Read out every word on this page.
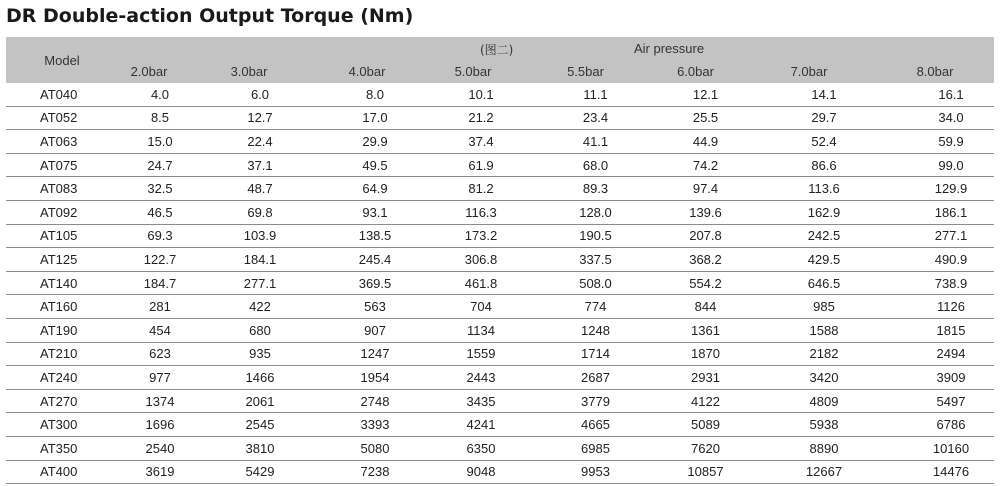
DR Double-action Output Torque (Nm)
Model	(图二) Air pressure							

	2.0bar	3.0bar	4.0bar	5.0bar	5.5bar	6.0bar	7.0bar	8.0bar
AT040	4.0	6.0	8.0	10.1	11.1	12.1	14.1	16.1
AT052	8.5	12.7	17.0	21.2	23.4	25.5	29.7	34.0
AT063	15.0	22.4	29.9	37.4	41.1	44.9	52.4	59.9
AT075	24.7	37.1	49.5	61.9	68.0	74.2	86.6	99.0
AT083	32.5	48.7	64.9	81.2	89.3	97.4	113.6	129.9
AT092	46.5	69.8	93.1	116.3	128.0	139.6	162.9	186.1
AT105	69.3	103.9	138.5	173.2	190.5	207.8	242.5	277.1
AT125	122.7	184.1	245.4	306.8	337.5	368.2	429.5	490.9
AT140	184.7	277.1	369.5	461.8	508.0	554.2	646.5	738.9
AT160	281	422	563	704	774	844	985	1126
AT190	454	680	907	1134	1248	1361	1588	1815
AT210	623	935	1247	1559	1714	1870	2182	2494
AT240	977	1466	1954	2443	2687	2931	3420	3909
AT270	1374	2061	2748	3435	3779	4122	4809	5497
AT300	1696	2545	3393	4241	4665	5089	5938	6786
AT350	2540	3810	5080	6350	6985	7620	8890	10160
AT400	3619	5429	7238	9048	9953	10857	12667	14476
